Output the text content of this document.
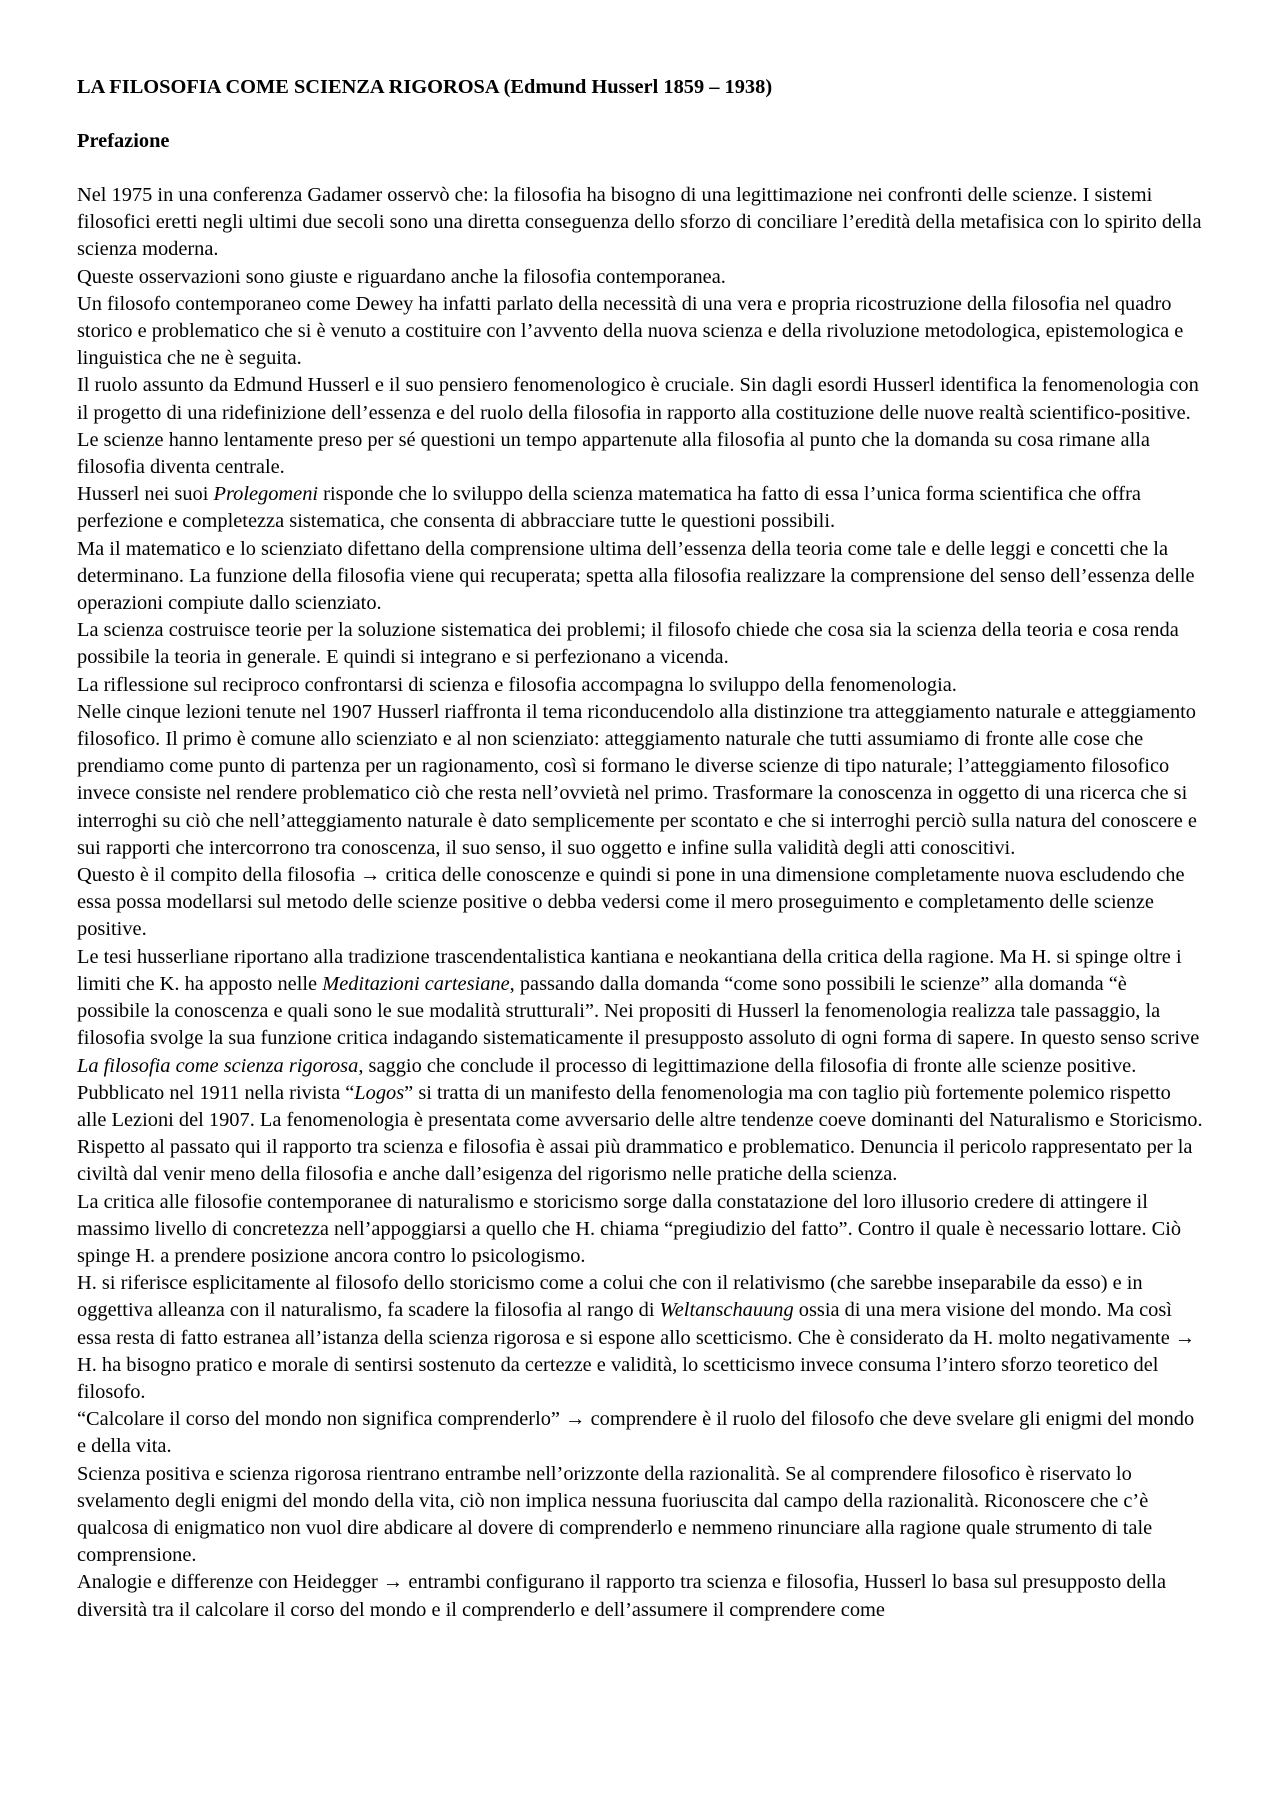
LA FILOSOFIA COME SCIENZA RIGOROSA (Edmund Husserl 1859 – 1938)

Prefazione

Nel 1975 in una conferenza Gadamer osservò che: la filosofia ha bisogno di una legittimazione nei confronti delle scienze. I sistemi filosofici eretti negli ultimi due secoli sono una diretta conseguenza dello sforzo di conciliare l’eredità della metafisica con lo spirito della scienza moderna.

Queste osservazioni sono giuste e riguardano anche la filosofia contemporanea.

Un filosofo contemporaneo come Dewey ha infatti parlato della necessità di una vera e propria ricostruzione della filosofia nel quadro storico e problematico che si è venuto a costituire con l’avvento della nuova scienza e della rivoluzione metodologica, epistemologica e linguistica che ne è seguita.

Il ruolo assunto da Edmund Husserl e il suo pensiero fenomenologico è cruciale. Sin dagli esordi Husserl identifica la fenomenologia con il progetto di una ridefinizione dell’essenza e del ruolo della filosofia in rapporto alla costituzione delle nuove realtà scientifico-positive. Le scienze hanno lentamente preso per sé questioni un tempo appartenute alla filosofia al punto che la domanda su cosa rimane alla filosofia diventa centrale.

Husserl nei suoi Prolegomeni risponde che lo sviluppo della scienza matematica ha fatto di essa l’unica forma scientifica che offra perfezione e completezza sistematica, che consenta di abbracciare tutte le questioni possibili.

Ma il matematico e lo scienziato difettano della comprensione ultima dell’essenza della teoria come tale e delle leggi e concetti che la determinano. La funzione della filosofia viene qui recuperata; spetta alla filosofia realizzare la comprensione del senso dell’essenza delle operazioni compiute dallo scienziato.

La scienza costruisce teorie per la soluzione sistematica dei problemi; il filosofo chiede che cosa sia la scienza della teoria e cosa renda possibile la teoria in generale. E quindi si integrano e si perfezionano a vicenda.

La riflessione sul reciproco confrontarsi di scienza e filosofia accompagna lo sviluppo della fenomenologia.

Nelle cinque lezioni tenute nel 1907 Husserl riaffronta il tema riconducendolo alla distinzione tra atteggiamento naturale e atteggiamento filosofico. Il primo è comune allo scienziato e al non scienziato: atteggiamento naturale che tutti assumiamo di fronte alle cose che prendiamo come punto di partenza per un ragionamento, così si formano le diverse scienze di tipo naturale; l’atteggiamento filosofico invece consiste nel rendere problematico ciò che resta nell’ovvietà nel primo. Trasformare la conoscenza in oggetto di una ricerca che si interroghi su ciò che nell’atteggiamento naturale è dato semplicemente per scontato e che si interroghi perciò sulla natura del conoscere e sui rapporti che intercorrono tra conoscenza, il suo senso, il suo oggetto e infine sulla validità degli atti conoscitivi.

Questo è il compito della filosofia → critica delle conoscenze e quindi si pone in una dimensione completamente nuova escludendo che essa possa modellarsi sul metodo delle scienze positive o debba vedersi come il mero proseguimento e completamento delle scienze positive.

Le tesi husserliane riportano alla tradizione trascendentalistica kantiana e neokantiana della critica della ragione. Ma H. si spinge oltre i limiti che K. ha apposto nelle Meditazioni cartesiane, passando dalla domanda “come sono possibili le scienze” alla domanda “è possibile la conoscenza e quali sono le sue modalità strutturali”. Nei propositi di Husserl la fenomenologia realizza tale passaggio, la filosofia svolge la sua funzione critica indagando sistematicamente il presupposto assoluto di ogni forma di sapere. In questo senso scrive La filosofia come scienza rigorosa, saggio che conclude il processo di legittimazione della filosofia di fronte alle scienze positive. Pubblicato nel 1911 nella rivista “Logos” si tratta di un manifesto della fenomenologia ma con taglio più fortemente polemico rispetto alle Lezioni del 1907. La fenomenologia è presentata come avversario delle altre tendenze coeve dominanti del Naturalismo e Storicismo. Rispetto al passato qui il rapporto tra scienza e filosofia è assai più drammatico e problematico. Denuncia il pericolo rappresentato per la civiltà dal venir meno della filosofia e anche dall’esigenza del rigorismo nelle pratiche della scienza.

La critica alle filosofie contemporanee di naturalismo e storicismo sorge dalla constatazione del loro illusorio credere di attingere il massimo livello di concretezza nell’appoggiarsi a quello che H. chiama “pregiudizio del fatto”. Contro il quale è necessario lottare. Ciò spinge H. a prendere posizione ancora contro lo psicologismo.

H. si riferisce esplicitamente al filosofo dello storicismo come a colui che con il relativismo (che sarebbe inseparabile da esso) e in oggettiva alleanza con il naturalismo, fa scadere la filosofia al rango di Weltanschauung ossia di una mera visione del mondo. Ma così essa resta di fatto estranea all’istanza della scienza rigorosa e si espone allo scetticismo. Che è considerato da H. molto negativamente → H. ha bisogno pratico e morale di sentirsi sostenuto da certezze e validità, lo scetticismo invece consuma l’intero sforzo teoretico del filosofo.

“Calcolare il corso del mondo non significa comprenderlo” → comprendere è il ruolo del filosofo che deve svelare gli enigmi del mondo e della vita.

Scienza positiva e scienza rigorosa rientrano entrambe nell’orizzonte della razionalità. Se al comprendere filosofico è riservato lo svelamento degli enigmi del mondo della vita, ciò non implica nessuna fuoriuscita dal campo della razionalità. Riconoscere che c’è qualcosa di enigmatico non vuol dire abdicare al dovere di comprenderlo e nemmeno rinunciare alla ragione quale strumento di tale comprensione.

Analogie e differenze con Heidegger → entrambi configurano il rapporto tra scienza e filosofia, Husserl lo basa sul presupposto della diversità tra il calcolare il corso del mondo e il comprenderlo e dell’assumere il comprendere come
